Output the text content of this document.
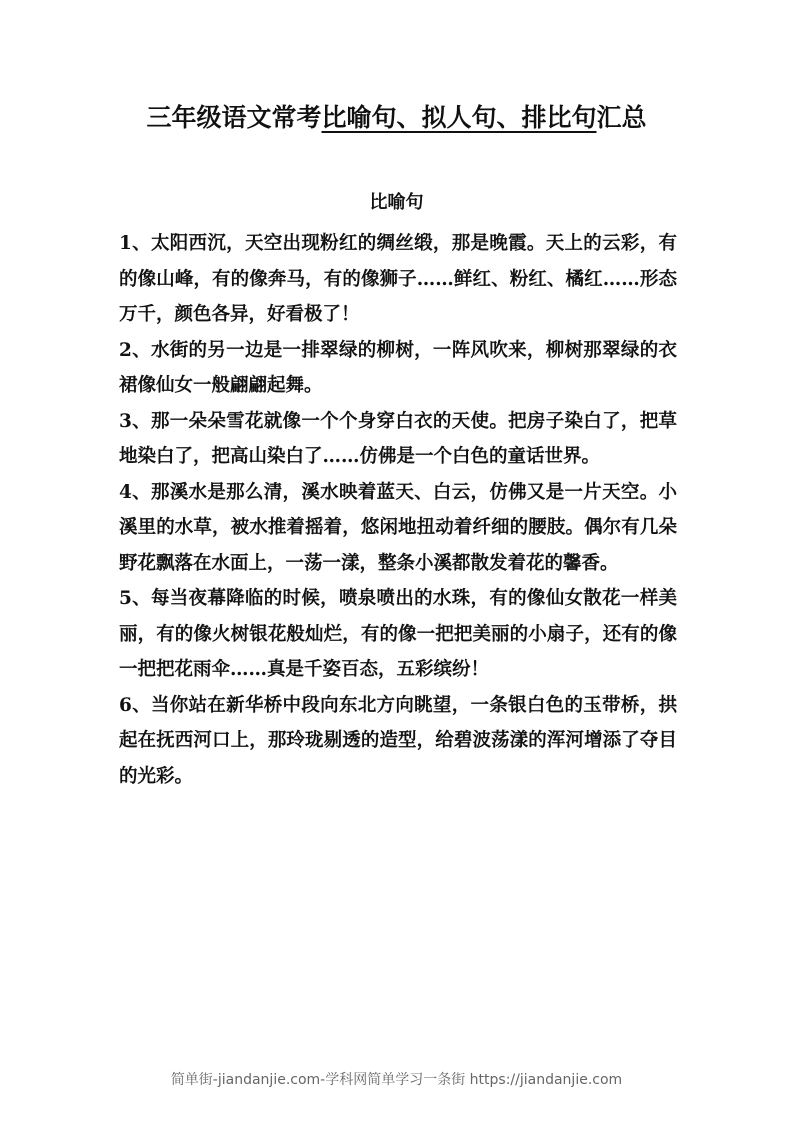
三年级语文常考比喻句、拟人句、排比句汇总
比喻句

1、太阳西沉，天空出现粉红的绸丝缎，那是晚霞。天上的云彩，有的像山峰，有的像奔马，有的像狮子……鲜红、粉红、橘红……形态万千，颜色各异，好看极了！

2、水街的另一边是一排翠绿的柳树，一阵风吹来，柳树那翠绿的衣裙像仙女一般翩翩起舞。

3、那一朵朵雪花就像一个个身穿白衣的天使。把房子染白了，把草地染白了，把高山染白了……仿佛是一个白色的童话世界。

4、那溪水是那么清，溪水映着蓝天、白云，仿佛又是一片天空。小溪里的水草，被水推着摇着，悠闲地扭动着纤细的腰肢。偶尔有几朵野花飘落在水面上，一荡一漾，整条小溪都散发着花的馨香。

5、每当夜幕降临的时候，喷泉喷出的水珠，有的像仙女散花一样美丽，有的像火树银花般灿烂，有的像一把把美丽的小扇子，还有的像一把把花雨伞……真是千姿百态，五彩缤纷！

6、当你站在新华桥中段向东北方向眺望，一条银白色的玉带桥，拱起在抚西河口上，那玲珑剔透的造型，给碧波荡漾的浑河增添了夺目的光彩。

简单街-jiandanjie.com-学科网简单学习一条街 https://jiandanjie.com
